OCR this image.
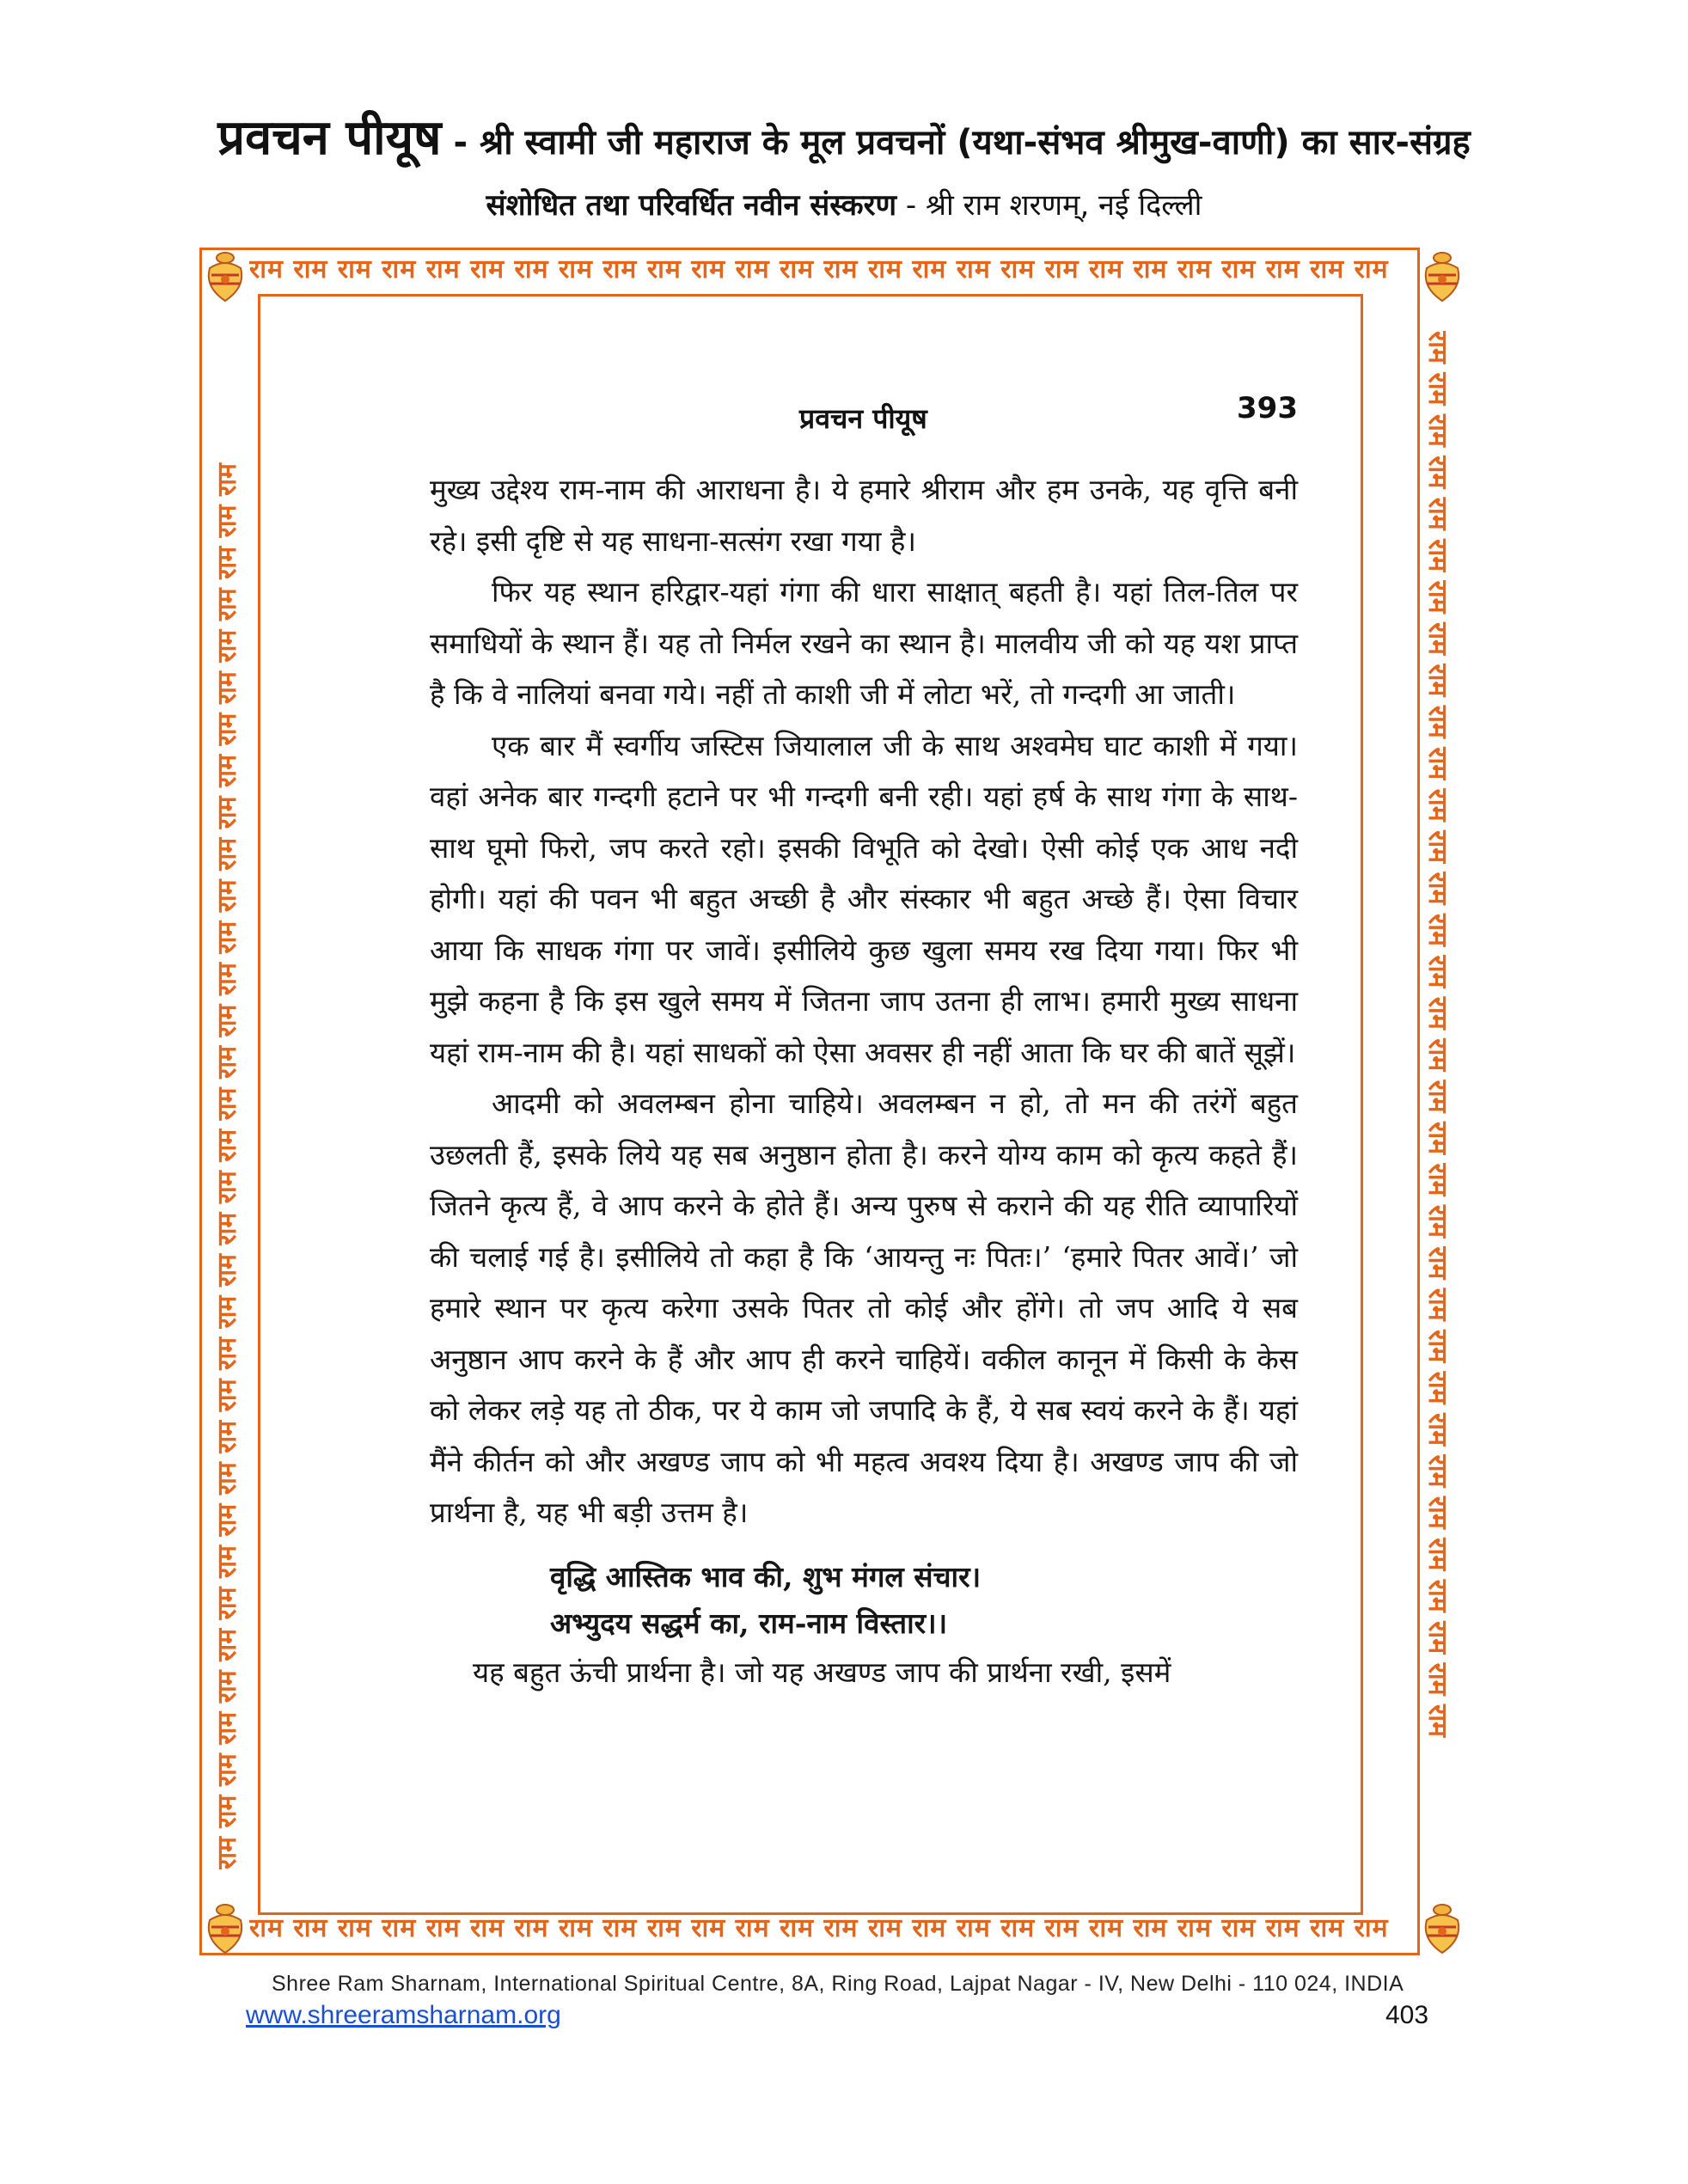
प्रवचन पीयूष - श्री स्वामी जी महाराज के मूल प्रवचनों (यथा-संभव श्रीमुख-वाणी) का सार-संग्रह
संशोधित तथा परिवर्धित नवीन संस्करण - श्री राम शरणम्, नई दिल्ली
राम राम राम राम राम राम राम राम राम राम राम राम राम राम राम राम राम राम राम राम राम राम राम राम राम राम
राम राम राम राम राम राम राम राम राम राम राम राम राम राम राम राम राम राम राम राम राम राम राम राम राम राम
राम राम राम राम राम राम राम राम राम राम राम राम राम राम राम राम राम राम राम राम राम राम राम राम राम राम राम राम राम राम राम राम राम राम	राम राम राम राम राम राम राम राम राम राम राम राम राम राम राम राम राम राम राम राम राम राम राम राम राम राम राम राम राम राम राम राम राम राम
प्रवचन पीयूष	393

मुख्य उद्देश्य राम-नाम की आराधना है। ये हमारे श्रीराम और हम उनके, यह वृत्ति बनी रहे। इसी दृष्टि से यह साधना-सत्संग रखा गया है।

फिर यह स्थान हरिद्वार-यहां गंगा की धारा साक्षात् बहती है। यहां तिल-तिल पर समाधियों के स्थान हैं। यह तो निर्मल रखने का स्थान है। मालवीय जी को यह यश प्राप्त है कि वे नालियां बनवा गये। नहीं तो काशी जी में लोटा भरें, तो गन्दगी आ जाती।

एक बार मैं स्वर्गीय जस्टिस जियालाल जी के साथ अश्वमेघ घाट काशी में गया। वहां अनेक बार गन्दगी हटाने पर भी गन्दगी बनी रही। यहां हर्ष के साथ गंगा के साथ-साथ घूमो फिरो, जप करते रहो। इसकी विभूति को देखो। ऐसी कोई एक आध नदी होगी। यहां की पवन भी बहुत अच्छी है और संस्कार भी बहुत अच्छे हैं। ऐसा विचार आया कि साधक गंगा पर जावें। इसीलिये कुछ खुला समय रख दिया गया। फिर भी मुझे कहना है कि इस खुले समय में जितना जाप उतना ही लाभ। हमारी मुख्य साधना यहां राम-नाम की है। यहां साधकों को ऐसा अवसर ही नहीं आता कि घर की बातें सूझें।

आदमी को अवलम्बन होना चाहिये। अवलम्बन न हो, तो मन की तरंगें बहुत उछलती हैं, इसके लिये यह सब अनुष्ठान होता है। करने योग्य काम को कृत्य कहते हैं। जितने कृत्य हैं, वे आप करने के होते हैं। अन्य पुरुष से कराने की यह रीति व्यापारियों की चलाई गई है। इसीलिये तो कहा है कि ‘आयन्तु नः पितः।’ ‘हमारे पितर आवें।’ जो हमारे स्थान पर कृत्य करेगा उसके पितर तो कोई और होंगे। तो जप आदि ये सब अनुष्ठान आप करने के हैं और आप ही करने चाहियें। वकील कानून में किसी के केस को लेकर लड़े यह तो ठीक, पर ये काम जो जपादि के हैं, ये सब स्वयं करने के हैं। यहां मैंने कीर्तन को और अखण्ड जाप को भी महत्व अवश्य दिया है। अखण्ड जाप की जो प्रार्थना है, यह भी बड़ी उत्तम है।

वृद्धि आस्तिक भाव की, शुभ मंगल संचार।
अभ्युदय सद्धर्म का, राम-नाम विस्तार।।

यह बहुत ऊंची प्रार्थना है। जो यह अखण्ड जाप की प्रार्थना रखी, इसमें

Shree Ram Sharnam, International Spiritual Centre, 8A, Ring Road, Lajpat Nagar - IV, New Delhi - 110 024, INDIA
www.shreeramsharnam.org	403
